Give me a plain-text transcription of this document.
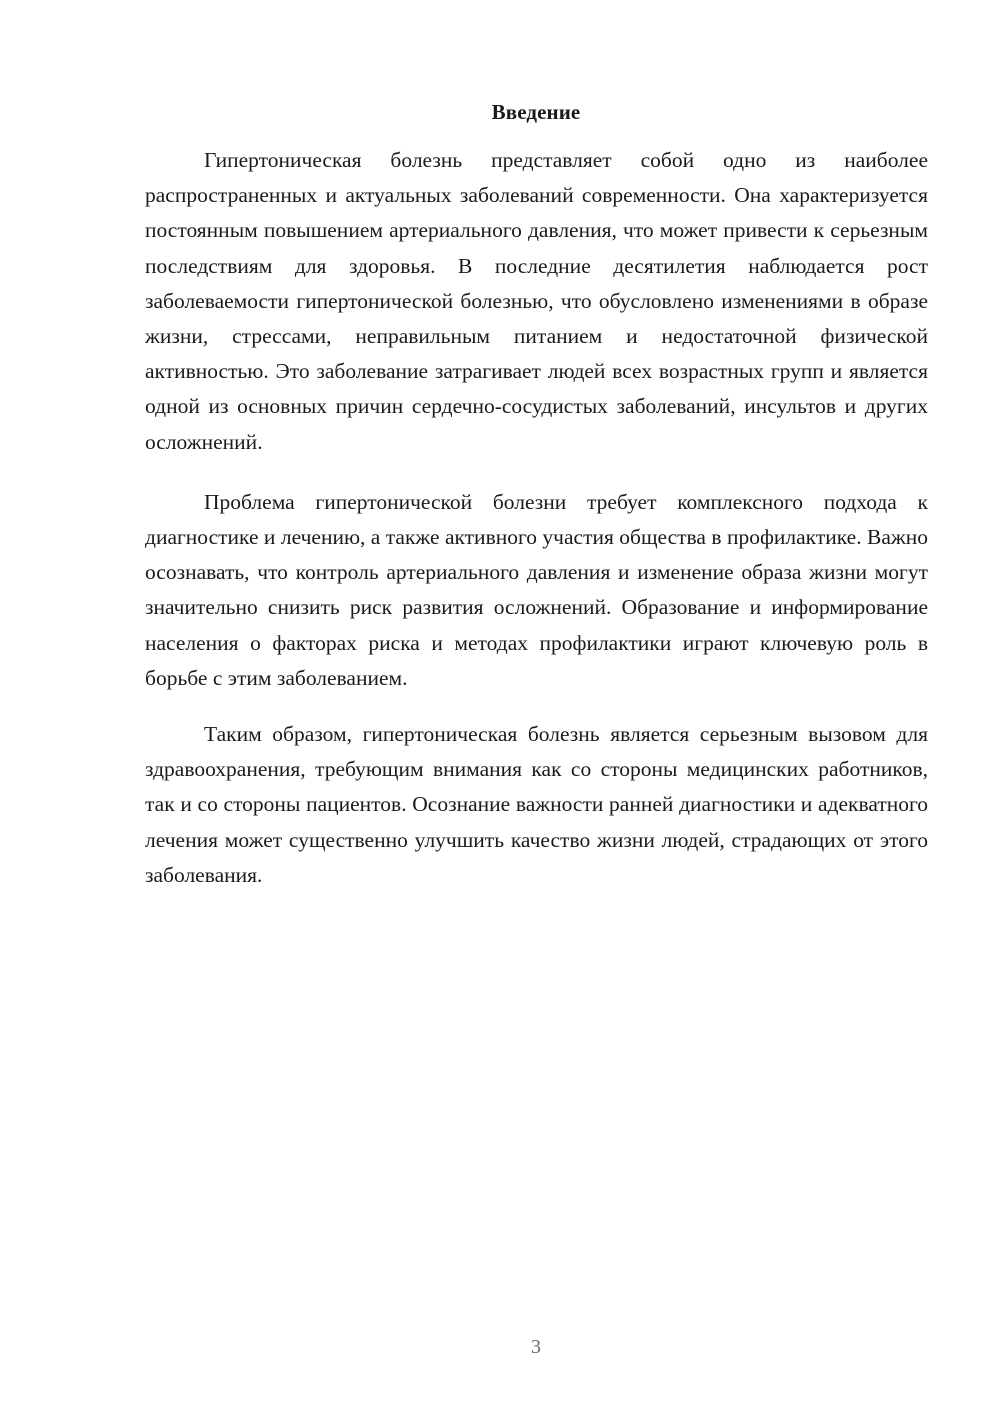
Введение

Гипертоническая болезнь представляет собой одно из наиболее распространенных и актуальных заболеваний современности. Она характеризуется постоянным повышением артериального давления, что может привести к серьезным последствиям для здоровья. В последние десятилетия наблюдается рост заболеваемости гипертонической болезнью, что обусловлено изменениями в образе жизни, стрессами, неправильным питанием и недостаточной физической активностью. Это заболевание затрагивает людей всех возрастных групп и является одной из основных причин сердечно-сосудистых заболеваний, инсультов и других осложнений.

Проблема гипертонической болезни требует комплексного подхода к диагностике и лечению, а также активного участия общества в профилактике. Важно осознавать, что контроль артериального давления и изменение образа жизни могут значительно снизить риск развития осложнений. Образование и информирование населения о факторах риска и методах профилактики играют ключевую роль в борьбе с этим заболеванием.

Таким образом, гипертоническая болезнь является серьезным вызовом для здравоохранения, требующим внимания как со стороны медицинских работников, так и со стороны пациентов. Осознание важности ранней диагностики и адекватного лечения может существенно улучшить качество жизни людей, страдающих от этого заболевания.

3
